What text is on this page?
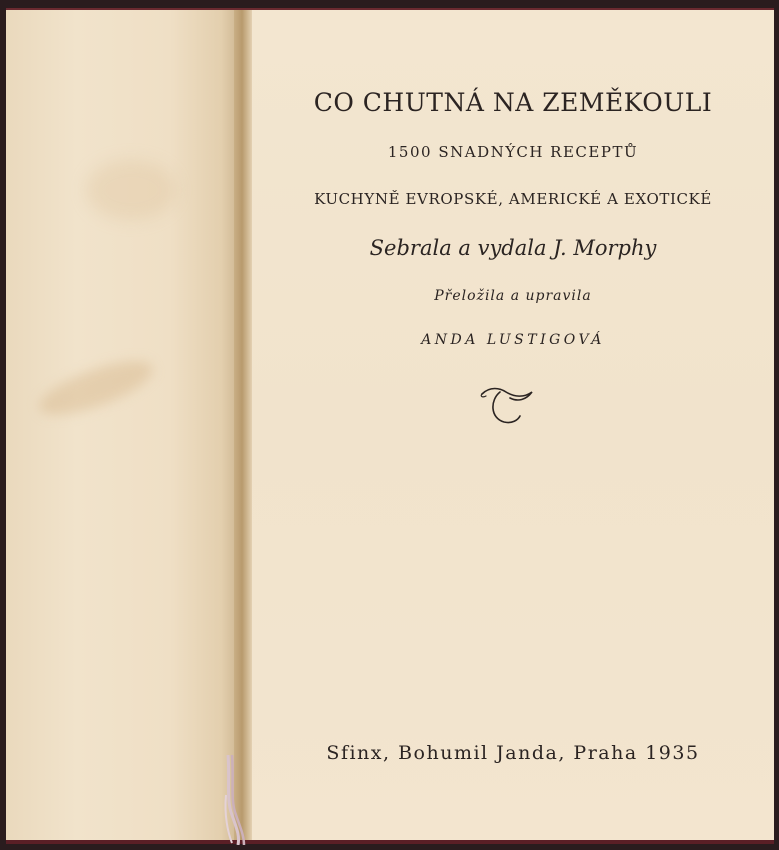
CO CHUTNÁ NA ZEMĚKOULI
1500 SNADNÝCH RECEPTŮ
KUCHYNĚ EVROPSKÉ, AMERICKÉ A EXOTICKÉ
Sebrala a vydala J. Morphy
Přeložila a upravila
ANDA LUSTIGOVÁ
Sfinx, Bohumil Janda, Praha 1935
